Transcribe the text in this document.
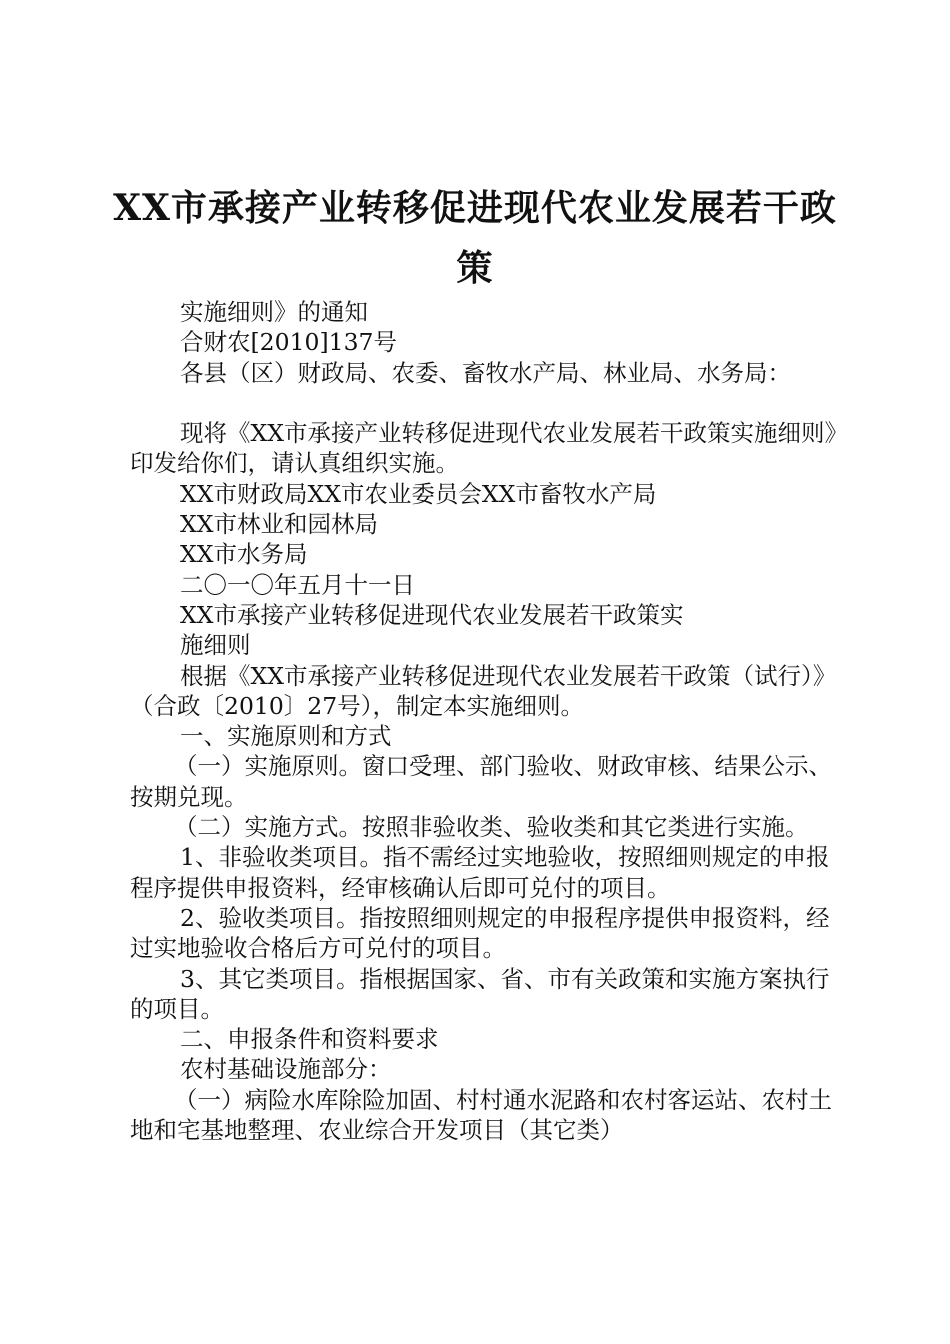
XX市承接产业转移促进现代农业发展若干政
策

实施细则》的通知

合财农[2010]137号

各县（区）财政局、农委、畜牧水产局、林业局、水务局：

现将《XX市承接产业转移促进现代农业发展若干政策实施细则》印发给你们，请认真组织实施。

XX市财政局XX市农业委员会XX市畜牧水产局

XX市林业和园林局

XX市水务局

二〇一〇年五月十一日

XX市承接产业转移促进现代农业发展若干政策实

施细则

根据《XX市承接产业转移促进现代农业发展若干政策（试行）》（合政〔2010〕27号），制定本实施细则。

一、实施原则和方式

（一）实施原则。窗口受理、部门验收、财政审核、结果公示、按期兑现。

（二）实施方式。按照非验收类、验收类和其它类进行实施。

1、非验收类项目。指不需经过实地验收，按照细则规定的申报程序提供申报资料，经审核确认后即可兑付的项目。

2、验收类项目。指按照细则规定的申报程序提供申报资料，经过实地验收合格后方可兑付的项目。

3、其它类项目。指根据国家、省、市有关政策和实施方案执行的项目。

二、申报条件和资料要求

农村基础设施部分：

（一）病险水库除险加固、村村通水泥路和农村客运站、农村土地和宅基地整理、农业综合开发项目（其它类）
